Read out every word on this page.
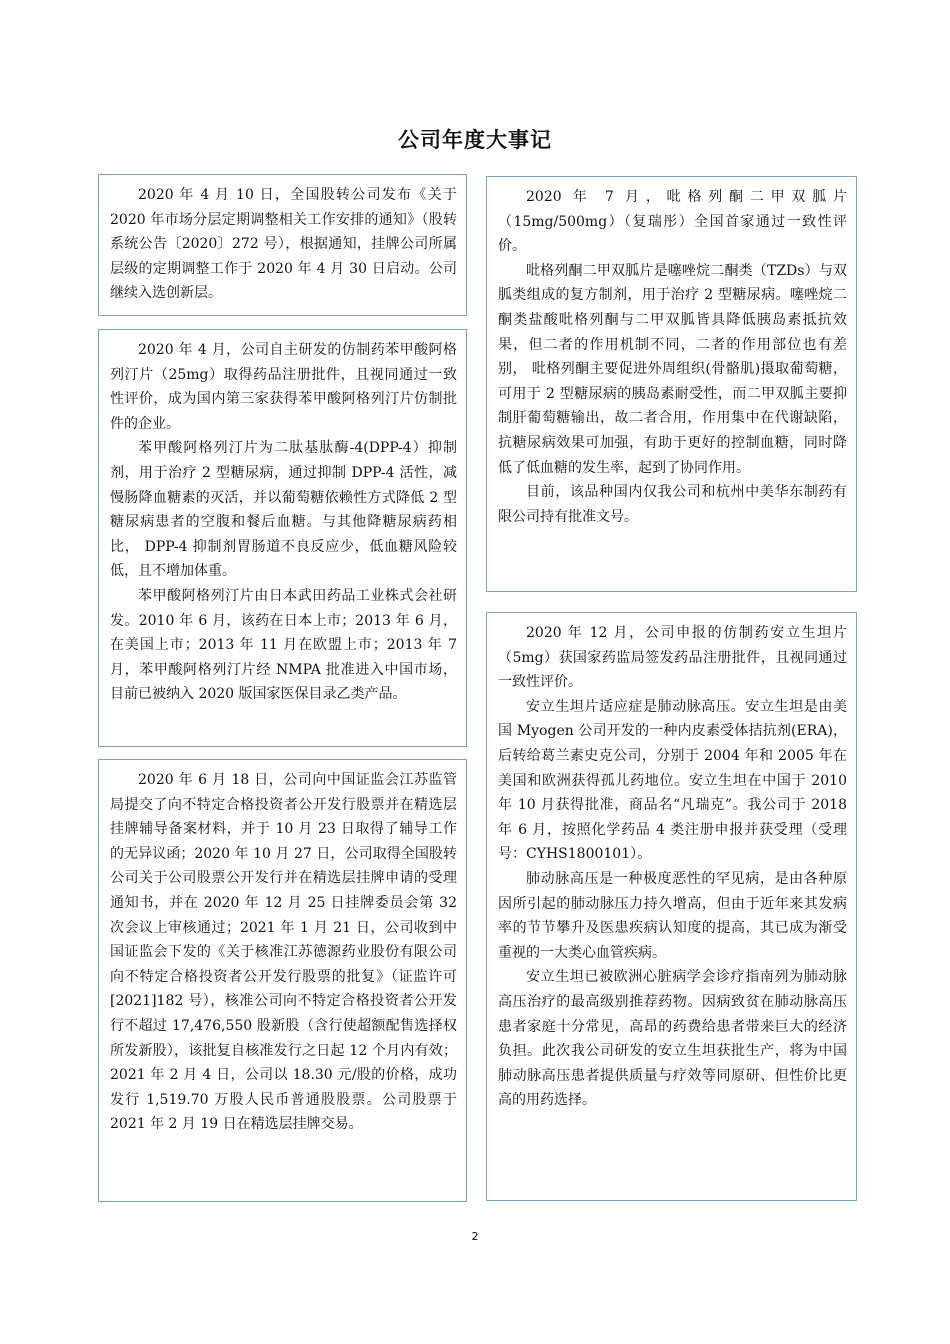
公司年度大事记

2020 年 4 月 10 日，全国股转公司发布《关于 2020 年市场分层定期调整相关工作安排的通知》（股转系统公告〔2020〕272 号），根据通知，挂牌公司所属层级的定期调整工作于 2020 年 4 月 30 日启动。公司继续入选创新层。

2020 年 4 月，公司自主研发的仿制药苯甲酸阿格列汀片（25mg）取得药品注册批件，且视同通过一致性评价，成为国内第三家获得苯甲酸阿格列汀片仿制批件的企业。

苯甲酸阿格列汀片为二肽基肽酶-4(DPP-4）抑制剂，用于治疗 2 型糖尿病，通过抑制 DPP-4 活性，减慢肠降血糖素的灭活，并以葡萄糖依赖性方式降低 2 型糖尿病患者的空腹和餐后血糖。与其他降糖尿病药相比， DPP-4 抑制剂胃肠道不良反应少，低血糖风险较低，且不增加体重。

苯甲酸阿格列汀片由日本武田药品工业株式会社研发。2010 年 6 月，该药在日本上市；2013 年 6 月，在美国上市；2013 年 11 月在欧盟上市；2013 年 7 月，苯甲酸阿格列汀片经 NMPA 批准进入中国市场，目前已被纳入 2020 版国家医保目录乙类产品。

2020 年 6 月 18 日，公司向中国证监会江苏监管局提交了向不特定合格投资者公开发行股票并在精选层挂牌辅导备案材料，并于 10 月 23 日取得了辅导工作的无异议函；2020 年 10 月 27 日，公司取得全国股转公司关于公司股票公开发行并在精选层挂牌申请的受理通知书，并在 2020 年 12 月 25 日挂牌委员会第 32 次会议上审核通过；2021 年 1 月 21 日，公司收到中国证监会下发的《关于核准江苏德源药业股份有限公司向不特定合格投资者公开发行股票的批复》（证监许可[2021]182 号），核准公司向不特定合格投资者公开发行不超过 17,476,550 股新股（含行使超额配售选择权所发新股），该批复自核准发行之日起 12 个月内有效；2021 年 2 月 4 日，公司以 18.30 元/股的价格，成功发行 1,519.70 万股人民币普通股股票。公司股票于 2021 年 2 月 19 日在精选层挂牌交易。

2020 年 7 月，吡格列酮二甲双胍片（15mg/500mg）（复瑞彤）全国首家通过一致性评价。

吡格列酮二甲双胍片是噻唑烷二酮类（TZDs）与双胍类组成的复方制剂，用于治疗 2 型糖尿病。噻唑烷二酮类盐酸吡格列酮与二甲双胍皆具降低胰岛素抵抗效果，但二者的作用机制不同，二者的作用部位也有差别， 吡格列酮主要促进外周组织(骨骼肌)摄取葡萄糖，可用于 2 型糖尿病的胰岛素耐受性，而二甲双胍主要抑制肝葡萄糖输出，故二者合用，作用集中在代谢缺陷，抗糖尿病效果可加强，有助于更好的控制血糖，同时降低了低血糖的发生率，起到了协同作用。

目前，该品种国内仅我公司和杭州中美华东制药有限公司持有批准文号。

2020 年 12 月，公司申报的仿制药安立生坦片（5mg）获国家药监局签发药品注册批件，且视同通过一致性评价。

安立生坦片适应症是肺动脉高压。安立生坦是由美国 Myogen 公司开发的一种内皮素受体拮抗剂(ERA)，后转给葛兰素史克公司，分别于 2004 年和 2005 年在美国和欧洲获得孤儿药地位。安立生坦在中国于 2010 年 10 月获得批准，商品名“凡瑞克”。我公司于 2018 年 6 月，按照化学药品 4 类注册申报并获受理（受理号：CYHS1800101）。

肺动脉高压是一种极度恶性的罕见病，是由各种原因所引起的肺动脉压力持久增高，但由于近年来其发病率的节节攀升及医患疾病认知度的提高，其已成为渐受重视的一大类心血管疾病。

安立生坦已被欧洲心脏病学会诊疗指南列为肺动脉高压治疗的最高级别推荐药物。因病致贫在肺动脉高压患者家庭十分常见，高昂的药费给患者带来巨大的经济负担。此次我公司研发的安立生坦获批生产，将为中国肺动脉高压患者提供质量与疗效等同原研、但性价比更高的用药选择。

2
